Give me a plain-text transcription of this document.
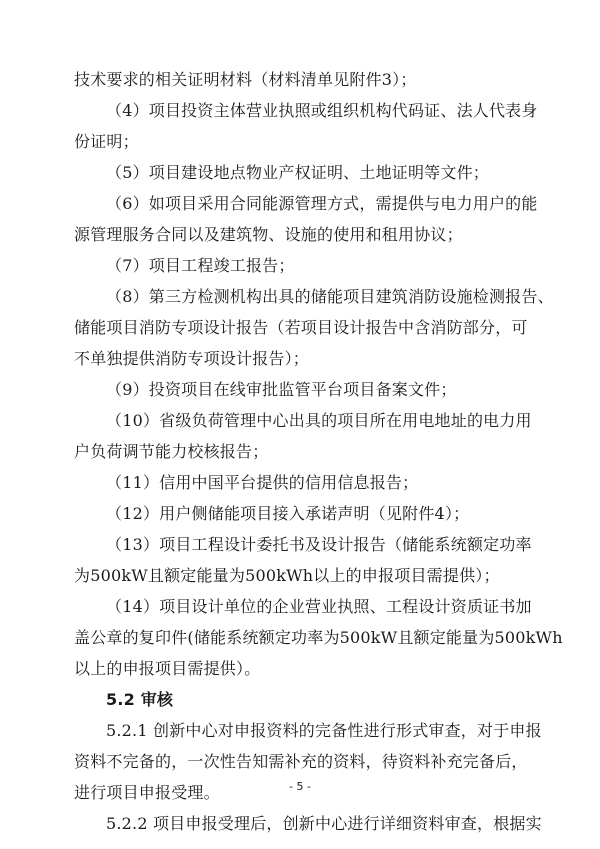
技术要求的相关证明材料（材料清单见附件3）；
（4）项目投资主体营业执照或组织机构代码证、法人代表身
份证明；
（5）项目建设地点物业产权证明、土地证明等文件；
（6）如项目采用合同能源管理方式，需提供与电力用户的能
源管理服务合同以及建筑物、设施的使用和租用协议；
（7）项目工程竣工报告；
（8）第三方检测机构出具的储能项目建筑消防设施检测报告、
储能项目消防专项设计报告（若项目设计报告中含消防部分，可
不单独提供消防专项设计报告）；
（9）投资项目在线审批监管平台项目备案文件；
（10）省级负荷管理中心出具的项目所在用电地址的电力用
户负荷调节能力校核报告；
（11）信用中国平台提供的信用信息报告；
（12）用户侧储能项目接入承诺声明（见附件4）；
（13）项目工程设计委托书及设计报告（储能系统额定功率
为500kW且额定能量为500kWh以上的申报项目需提供）；
（14）项目设计单位的企业营业执照、工程设计资质证书加
盖公章的复印件(储能系统额定功率为500kW且额定能量为500kWh
以上的申报项目需提供）。
5.2 审核
5.2.1 创新中心对申报资料的完备性进行形式审查，对于申报
资料不完备的，一次性告知需补充的资料，待资料补充完备后，
进行项目申报受理。
5.2.2 项目申报受理后，创新中心进行详细资料审查，根据实
- 5 -
